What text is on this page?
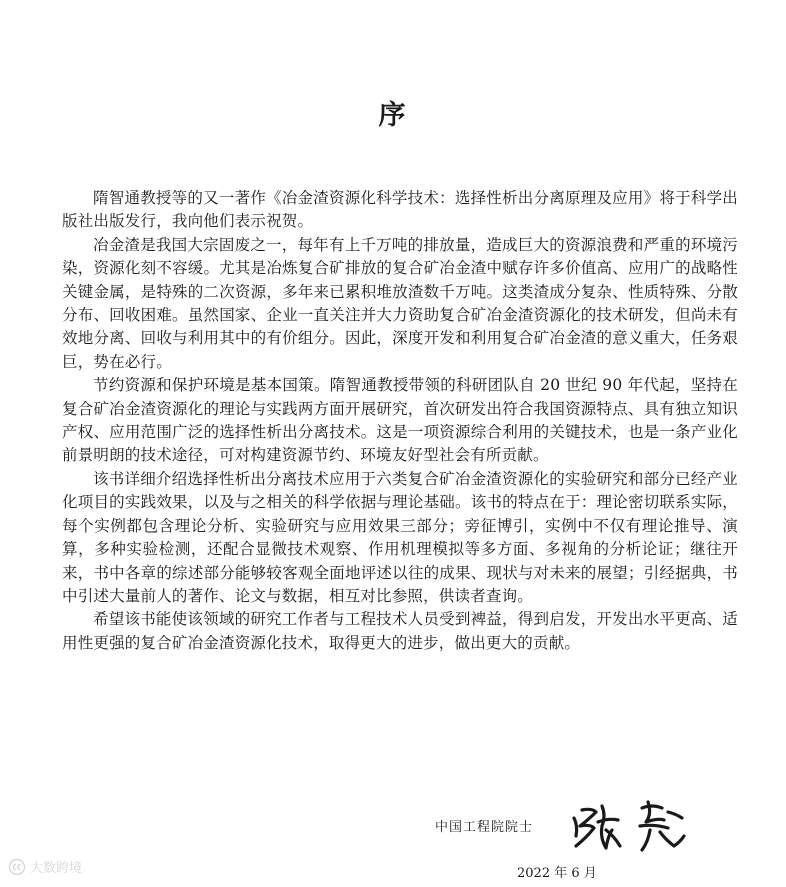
序

隋智通教授等的又一著作《冶金渣资源化科学技术：选择性析出分离原理及应用》将于科学出版社出版发行，我向他们表示祝贺。

冶金渣是我国大宗固废之一，每年有上千万吨的排放量，造成巨大的资源浪费和严重的环境污染，资源化刻不容缓。尤其是冶炼复合矿排放的复合矿冶金渣中赋存许多价值高、应用广的战略性关键金属，是特殊的二次资源，多年来已累积堆放渣数千万吨。这类渣成分复杂、性质特殊、分散分布、回收困难。虽然国家、企业一直关注并大力资助复合矿冶金渣资源化的技术研发，但尚未有效地分离、回收与利用其中的有价组分。因此，深度开发和利用复合矿冶金渣的意义重大，任务艰巨，势在必行。

节约资源和保护环境是基本国策。隋智通教授带领的科研团队自 20 世纪 90 年代起，坚持在复合矿冶金渣资源化的理论与实践两方面开展研究，首次研发出符合我国资源特点、具有独立知识产权、应用范围广泛的选择性析出分离技术。这是一项资源综合利用的关键技术，也是一条产业化前景明朗的技术途径，可对构建资源节约、环境友好型社会有所贡献。

该书详细介绍选择性析出分离技术应用于六类复合矿冶金渣资源化的实验研究和部分已经产业化项目的实践效果，以及与之相关的科学依据与理论基础。该书的特点在于：理论密切联系实际，每个实例都包含理论分析、实验研究与应用效果三部分；旁征博引，实例中不仅有理论推导、演算，多种实验检测，还配合显微技术观察、作用机理模拟等多方面、多视角的分析论证；继往开来，书中各章的综述部分能够较客观全面地评述以往的成果、现状与对未来的展望；引经据典，书中引述大量前人的著作、论文与数据，相互对比参照，供读者查询。

希望该书能使该领域的研究工作者与工程技术人员受到裨益，得到启发，开发出水平更高、适用性更强的复合矿冶金渣资源化技术，取得更大的进步，做出更大的贡献。

中国工程院院士
2022 年 6 月
大数跨境
